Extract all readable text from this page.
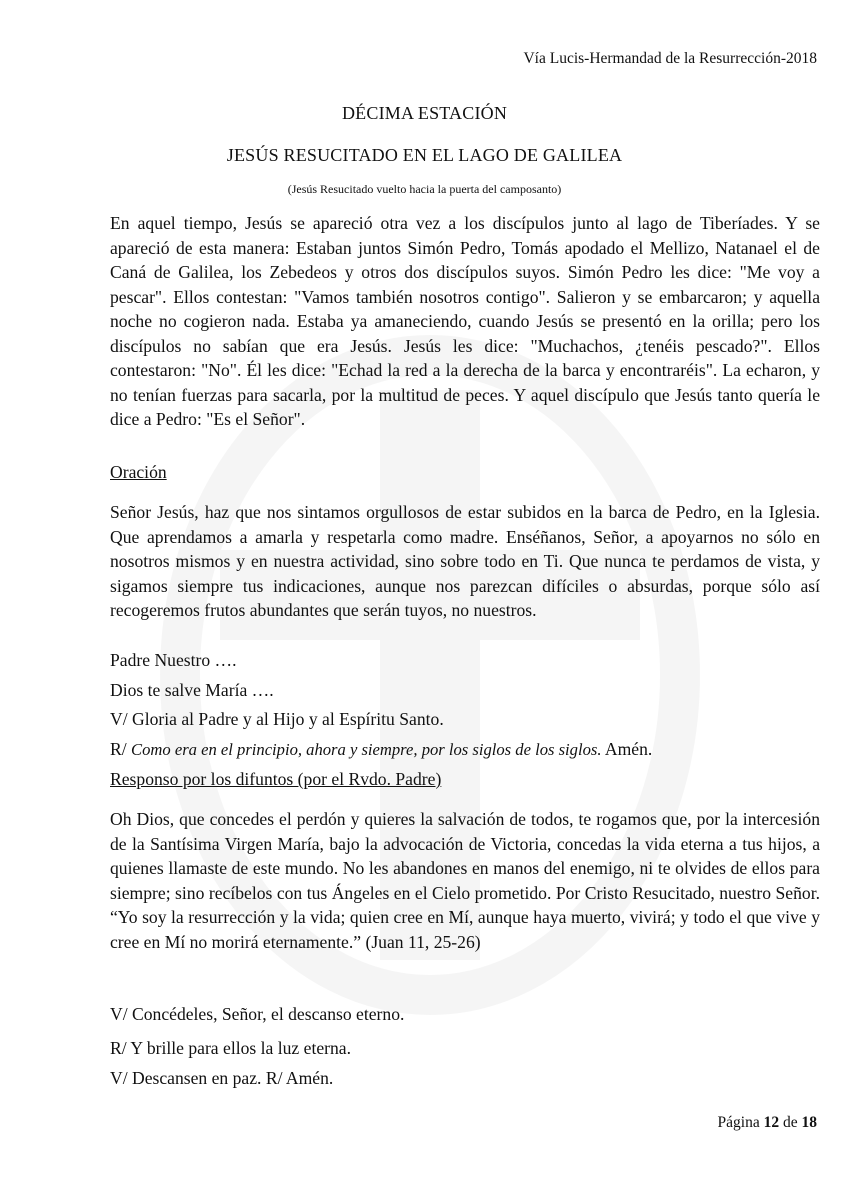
Vía Lucis-Hermandad de la Resurrección-2018
DÉCIMA ESTACIÓN
JESÚS RESUCITADO EN EL LAGO DE GALILEA
(Jesús Resucitado vuelto hacia la puerta del camposanto)

En aquel tiempo, Jesús se apareció otra vez a los discípulos junto al lago de Tiberíades. Y se apareció de esta manera: Estaban juntos Simón Pedro, Tomás apodado el Mellizo, Natanael el de Caná de Galilea, los Zebedeos y otros dos discípulos suyos. Simón Pedro les dice: "Me voy a pescar". Ellos contestan: "Vamos también nosotros contigo". Salieron y se embarcaron; y aquella noche no cogieron nada. Estaba ya amaneciendo, cuando Jesús se presentó en la orilla; pero los discípulos no sabían que era Jesús. Jesús les dice: "Muchachos, ¿tenéis pescado?". Ellos contestaron: "No". Él les dice: "Echad la red a la derecha de la barca y encontraréis". La echaron, y no tenían fuerzas para sacarla, por la multitud de peces. Y aquel discípulo que Jesús tanto quería le dice a Pedro: "Es el Señor".

Oración

Señor Jesús, haz que nos sintamos orgullosos de estar subidos en la barca de Pedro, en la Iglesia. Que aprendamos a amarla y respetarla como madre. Enséñanos, Señor, a apoyarnos no sólo en nosotros mismos y en nuestra actividad, sino sobre todo en Ti. Que nunca te perdamos de vista, y sigamos siempre tus indicaciones, aunque nos parezcan difíciles o absurdas, porque sólo así recogeremos frutos abundantes que serán tuyos, no nuestros.

Padre Nuestro ….

Dios te salve María ….

V/ Gloria al Padre y al Hijo y al Espíritu Santo.

R/ Como era en el principio, ahora y siempre, por los siglos de los siglos. Amén.

Responso por los difuntos (por el Rvdo. Padre)

Oh Dios, que concedes el perdón y quieres la salvación de todos, te rogamos que, por la intercesión de la Santísima Virgen María, bajo la advocación de Victoria, concedas la vida eterna a tus hijos, a quienes llamaste de este mundo. No les abandones en manos del enemigo, ni te olvides de ellos para siempre; sino recíbelos con tus Ángeles en el Cielo prometido. Por Cristo Resucitado, nuestro Señor. “Yo soy la resurrección y la vida; quien cree en Mí, aunque haya muerto, vivirá; y todo el que vive y cree en Mí no morirá eternamente.” (Juan 11, 25-26)

V/ Concédeles, Señor, el descanso eterno.

R/ Y brille para ellos la luz eterna.

V/ Descansen en paz. R/ Amén.

Página 12 de 18
